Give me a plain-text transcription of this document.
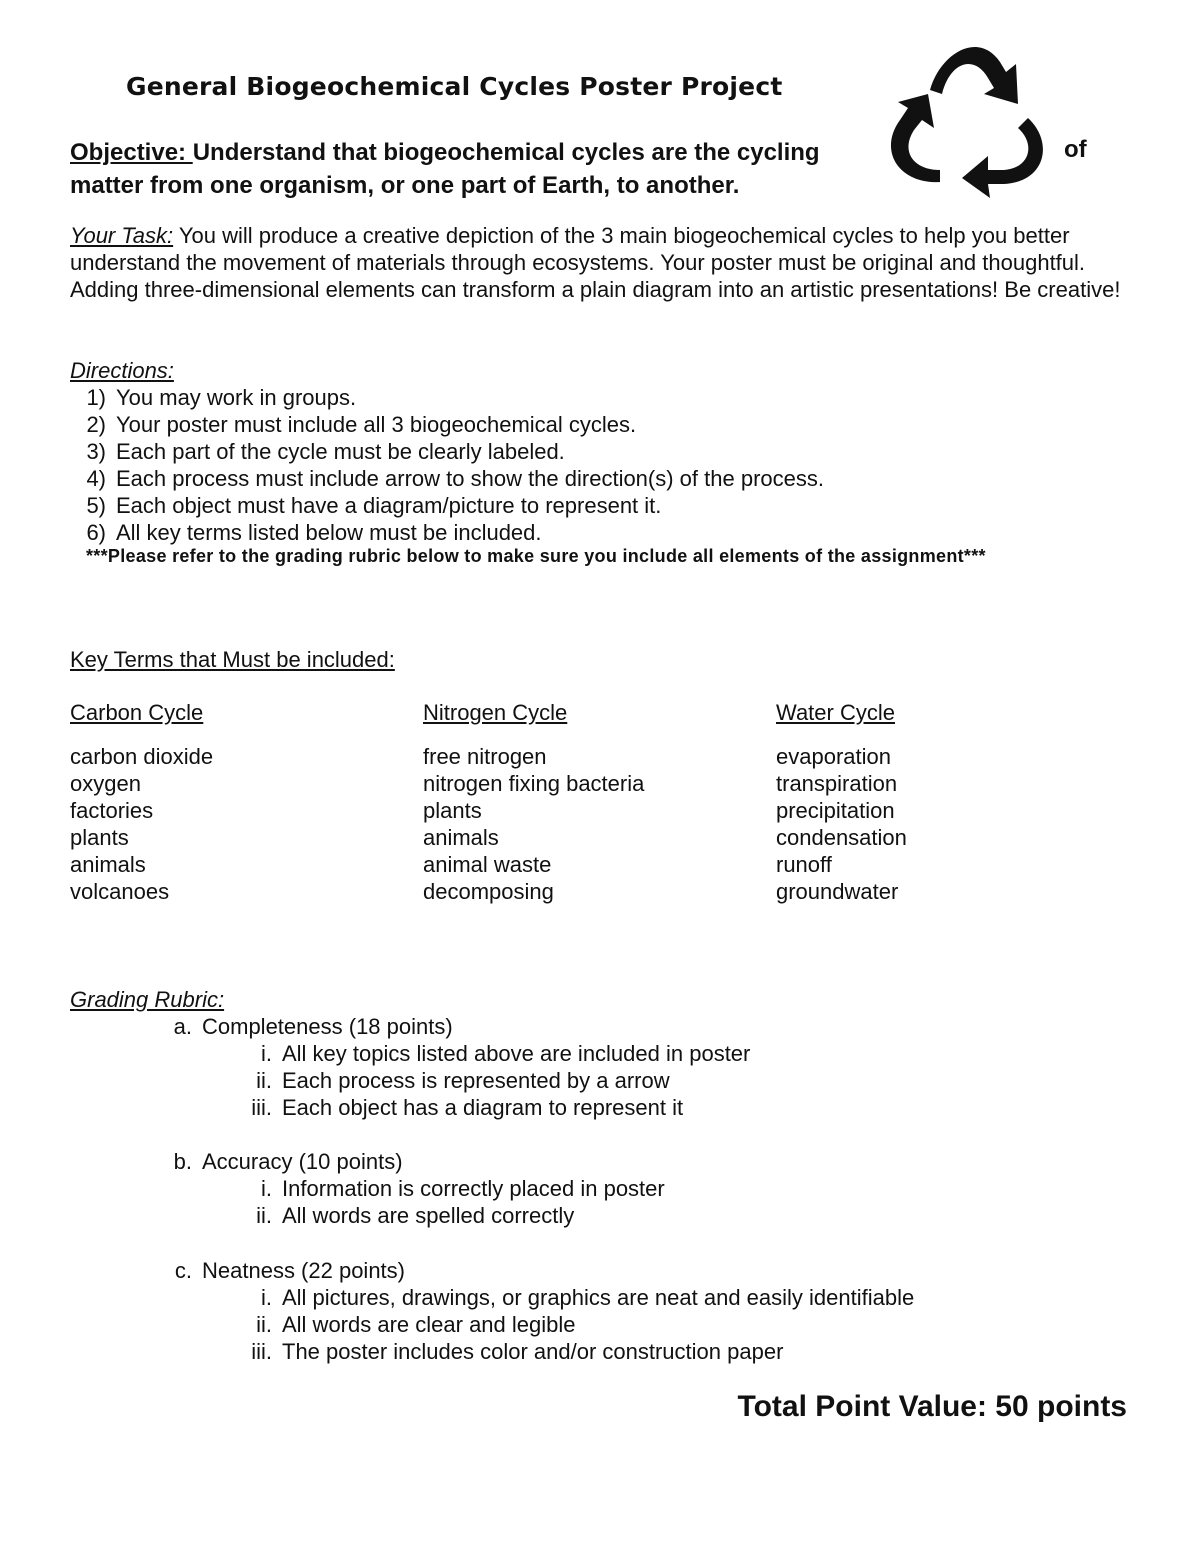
General Biogeochemical Cycles Poster Project
Objective: Understand that biogeochemical cycles are the cycling
matter from one organism, or one part of Earth, to another.
of
Your Task: You will produce a creative depiction of the 3 main biogeochemical cycles to help you better understand the movement of materials through ecosystems. Your poster must be original and thoughtful. Adding three-dimensional elements can transform a plain diagram into an artistic presentations! Be creative!
Directions:
1) You may work in groups.
2) Your poster must include all 3 biogeochemical cycles.
3) Each part of the cycle must be clearly labeled.
4) Each process must include arrow to show the direction(s) of the process.
5) Each object must have a diagram/picture to represent it.
6) All key terms listed below must be included.
***Please refer to the grading rubric below to make sure you include all elements of the assignment***
Key Terms that Must be included:
Carbon Cycle
carbon dioxide
oxygen
factories
plants
animals
volcanoes
Nitrogen Cycle
free nitrogen
nitrogen fixing bacteria
plants
animals
animal waste
decomposing
Water Cycle
evaporation
transpiration
precipitation
condensation
runoff
groundwater
Grading Rubric:
a. Completeness (18 points)
i. All key topics listed above are included in poster
ii. Each process is represented by a arrow
iii. Each object has a diagram to represent it
b. Accuracy (10 points)
i. Information is correctly placed in poster
ii. All words are spelled correctly
c. Neatness (22 points)
i. All pictures, drawings, or graphics are neat and easily identifiable
ii. All words are clear and legible
iii. The poster includes color and/or construction paper
Total Point Value: 50 points
